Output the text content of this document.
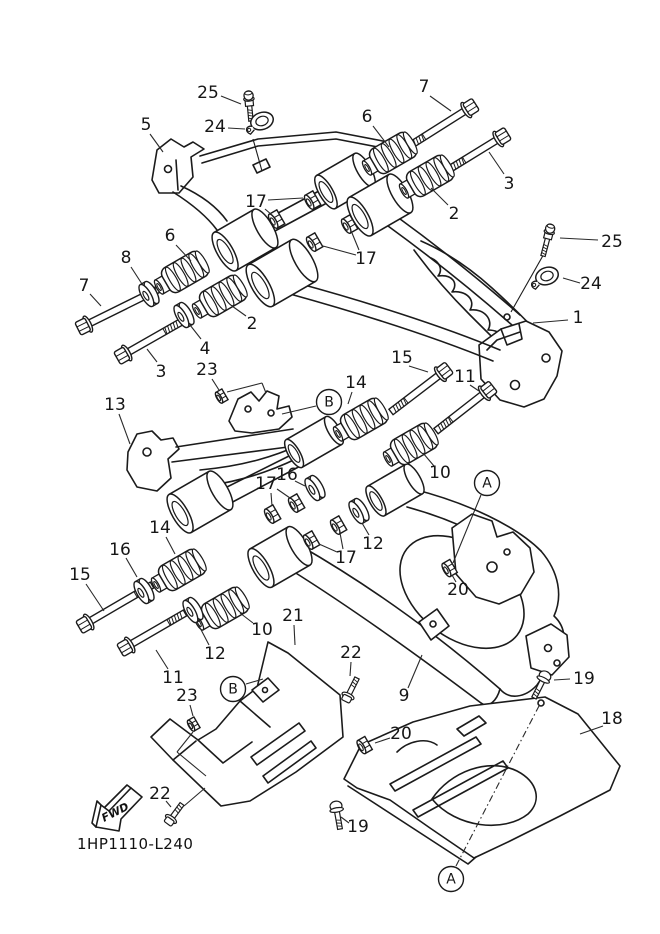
FWD
1HP1110-L240
25
24
5
7
6
3
2
17
17
6
8
7
3
4
2
23
13
14
15
11
16
17
10
12
17
20
16
14
15
10
12
11
23
21
22
22
9
19
18
20
19
1
25
24
A
A
B
B
